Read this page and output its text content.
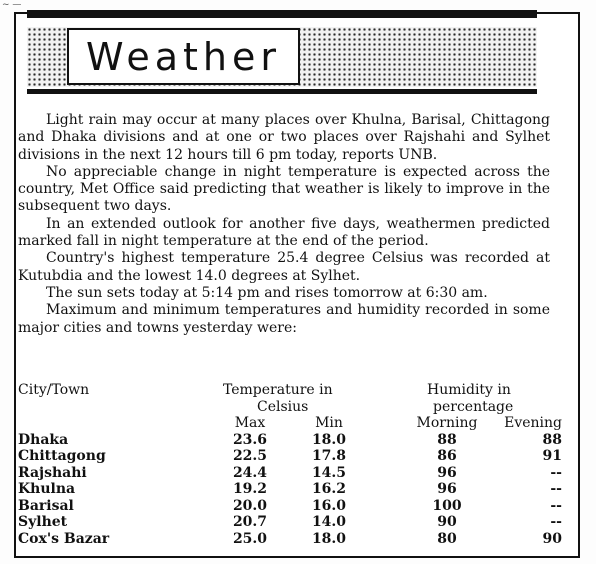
~ —
Weather

Light rain may occur at many places over Khulna, Barisal, Chittagong and Dhaka divisions and at one or two places over Rajshahi and Sylhet divisions in the next 12 hours till 6 pm today, reports UNB.

No appreciable change in night temperature is expected across the country, Met Office said predicting that weather is likely to improve in the subsequent two days.

In an extended outlook for another five days, weathermen predicted marked fall in night temperature at the end of the period.

Country's highest temperature 25.4 degree Celsius was recorded at Kutubdia and the lowest 14.0 degrees at Sylhet.

The sun sets today at 5:14 pm and rises tomorrow at 6:30 am.

Maximum and minimum temperatures and humidity recorded in some major cities and towns yesterday were:

City/Town	Temperature in	Humidity in
Celsius	percentage
Max	Min	Morning	Evening
Dhaka	23.6	18.0	88	88
Chittagong	22.5	17.8	86	91
Rajshahi	24.4	14.5	96	--
Khulna	19.2	16.2	96	--
Barisal	20.0	16.0	100	--
Sylhet	20.7	14.0	90	--
Cox's Bazar	25.0	18.0	80	90
